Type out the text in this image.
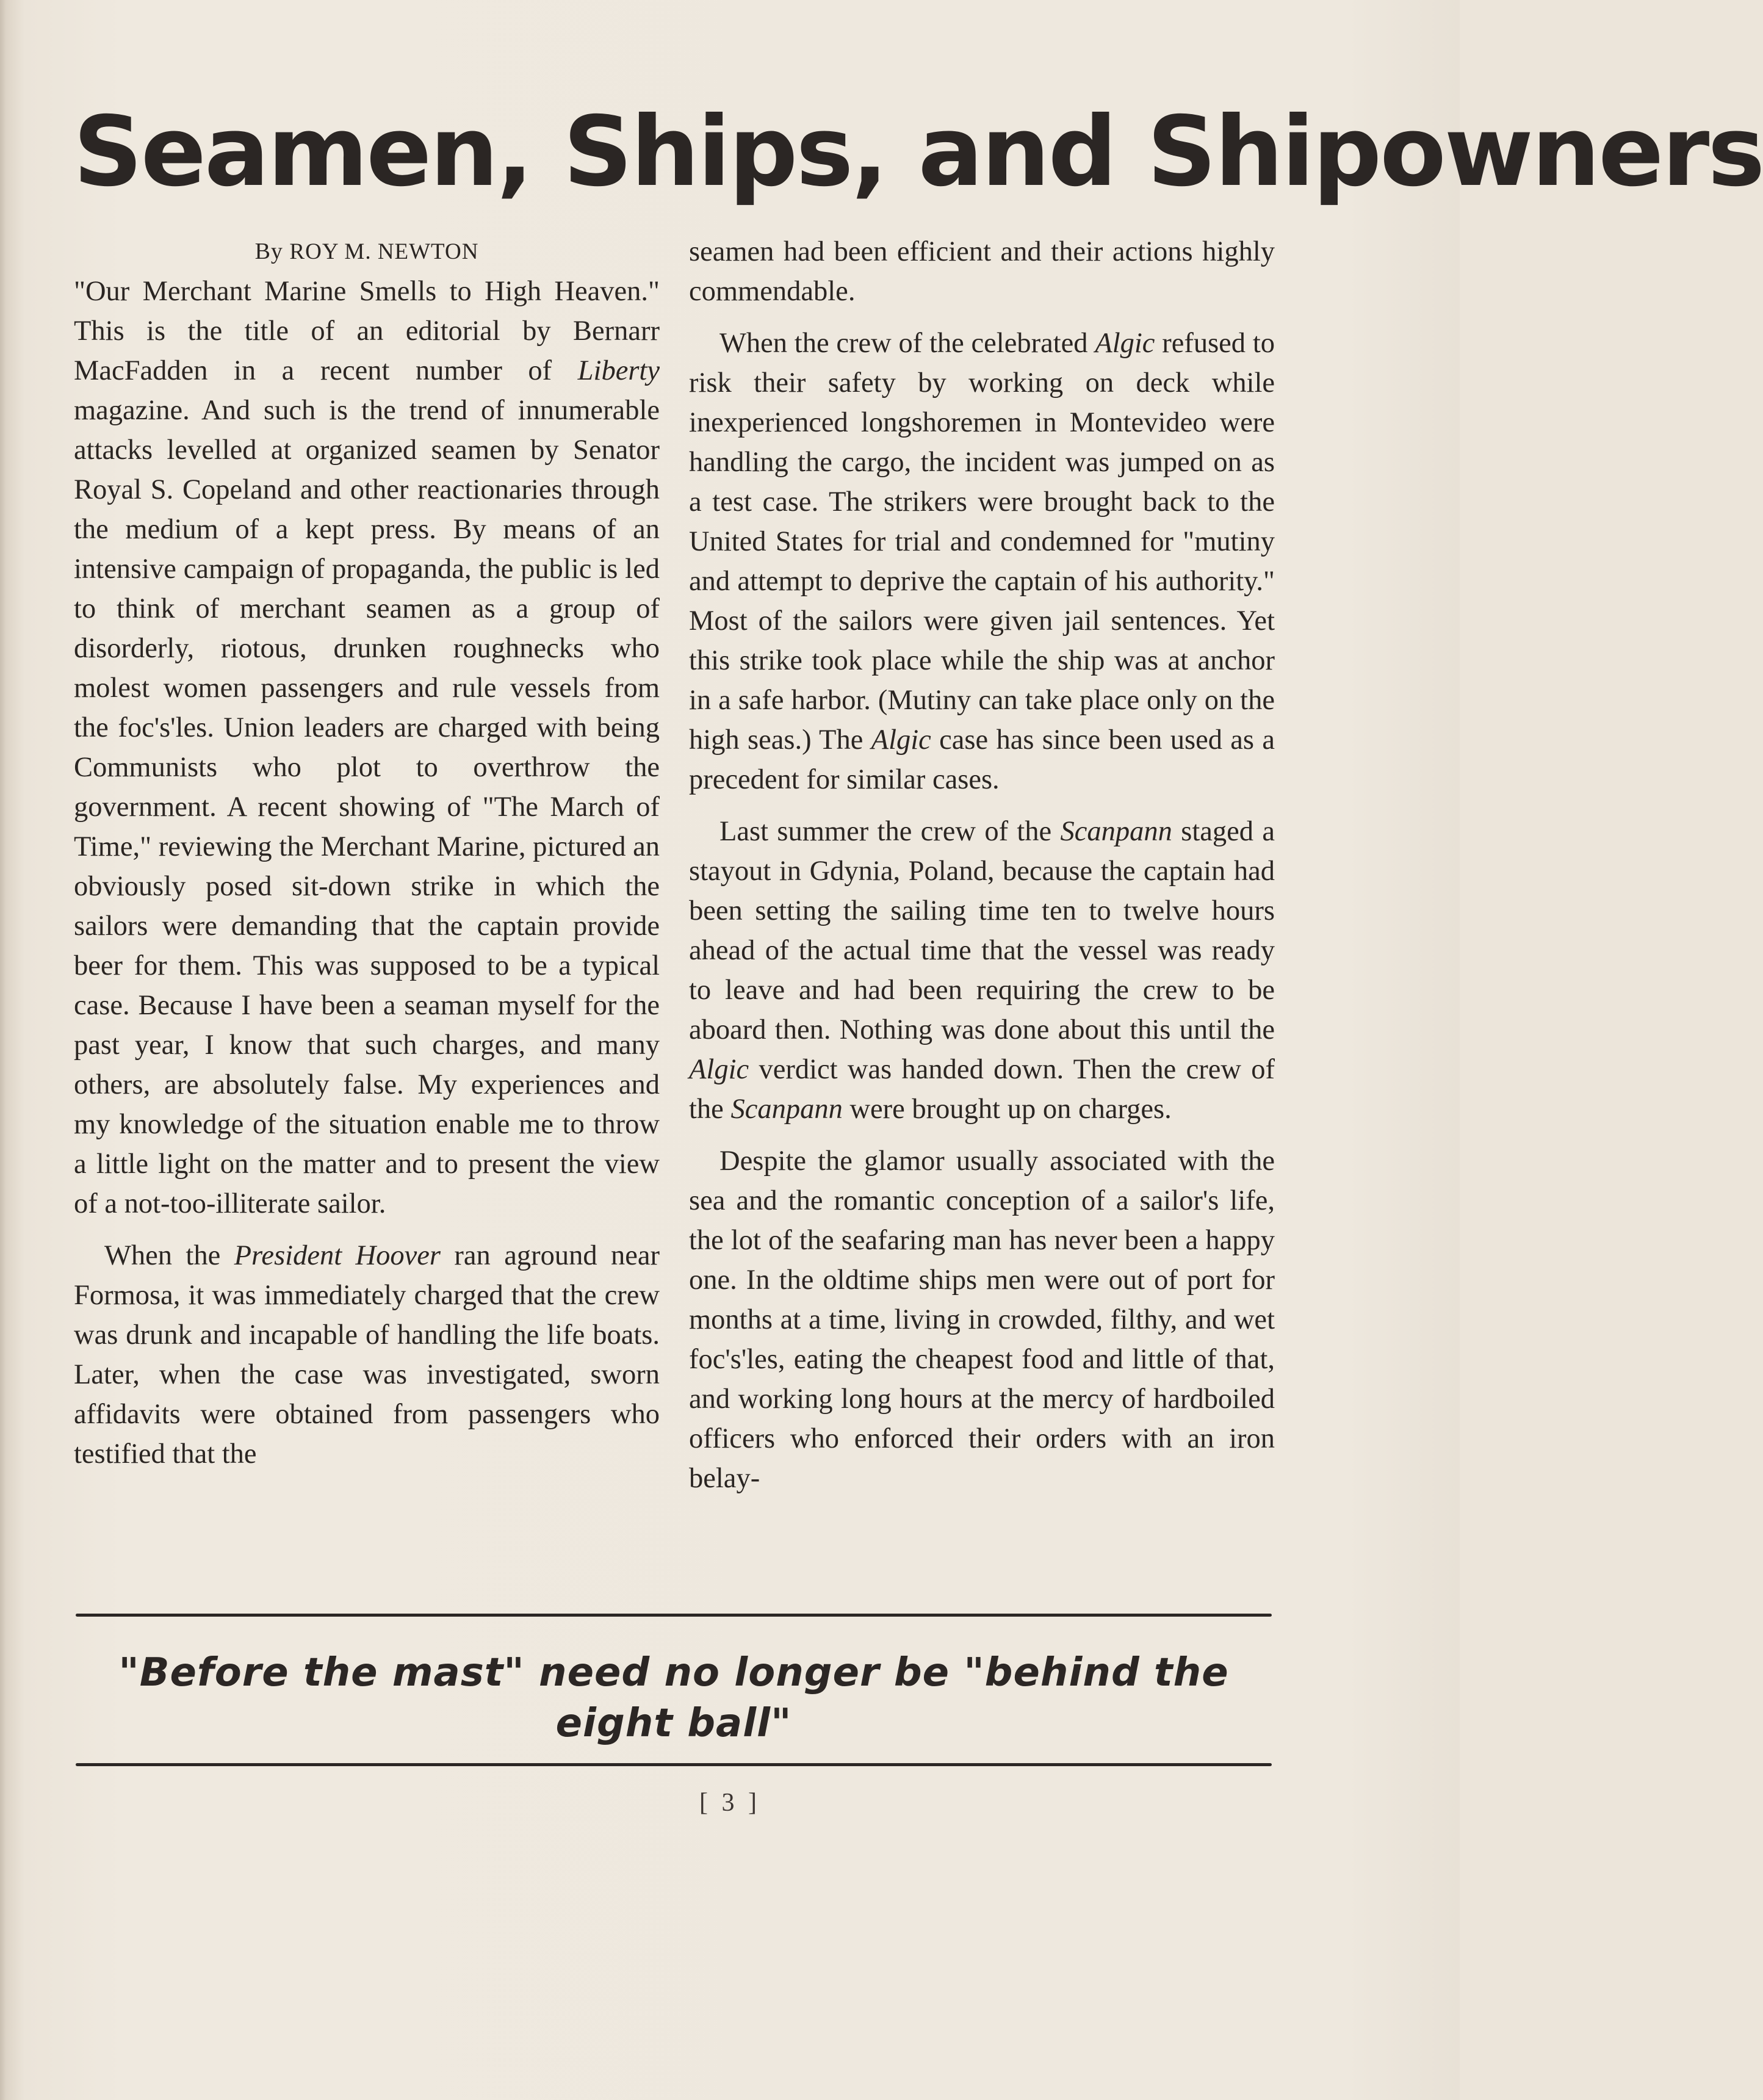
Seamen, Ships, and Shipowners
By ROY M. NEWTON

"Our Merchant Marine Smells to High Heaven." This is the title of an editorial by Bernarr MacFadden in a recent number of Liberty magazine. And such is the trend of innumerable attacks levelled at organized seamen by Senator Royal S. Copeland and other reactionaries through the medium of a kept press. By means of an intensive campaign of propaganda, the public is led to think of merchant seamen as a group of disorderly, riotous, drunken roughnecks who molest women passengers and rule vessels from the foc's'les. Union leaders are charged with being Communists who plot to overthrow the government. A recent showing of "The March of Time," reviewing the Merchant Marine, pictured an obviously posed sit-down strike in which the sailors were demanding that the captain provide beer for them. This was supposed to be a typical case. Because I have been a seaman myself for the past year, I know that such charges, and many others, are absolutely false. My experiences and my knowledge of the situation enable me to throw a little light on the matter and to present the view of a not-too-illiterate sailor.

When the President Hoover ran aground near Formosa, it was immediately charged that the crew was drunk and incapable of handling the life boats. Later, when the case was investigated, sworn affidavits were obtained from passengers who testified that the

seamen had been efficient and their actions highly commendable.

When the crew of the celebrated Algic refused to risk their safety by working on deck while inexperienced longshoremen in Montevideo were handling the cargo, the incident was jumped on as a test case. The strikers were brought back to the United States for trial and condemned for "mutiny and attempt to deprive the captain of his authority." Most of the sailors were given jail sentences. Yet this strike took place while the ship was at anchor in a safe harbor. (Mutiny can take place only on the high seas.) The Algic case has since been used as a precedent for similar cases.

Last summer the crew of the Scanpann staged a stayout in Gdynia, Poland, because the captain had been setting the sailing time ten to twelve hours ahead of the actual time that the vessel was ready to leave and had been requiring the crew to be aboard then. Nothing was done about this until the Algic verdict was handed down. Then the crew of the Scanpann were brought up on charges.

Despite the glamor usually associated with the sea and the romantic conception of a sailor's life, the lot of the seafaring man has never been a happy one. In the oldtime ships men were out of port for months at a time, living in crowded, filthy, and wet foc's'les, eating the cheapest food and little of that, and working long hours at the mercy of hardboiled officers who enforced their orders with an iron belay-

"Before the mast" need no longer be "behind the eight ball"
[ 3 ]
